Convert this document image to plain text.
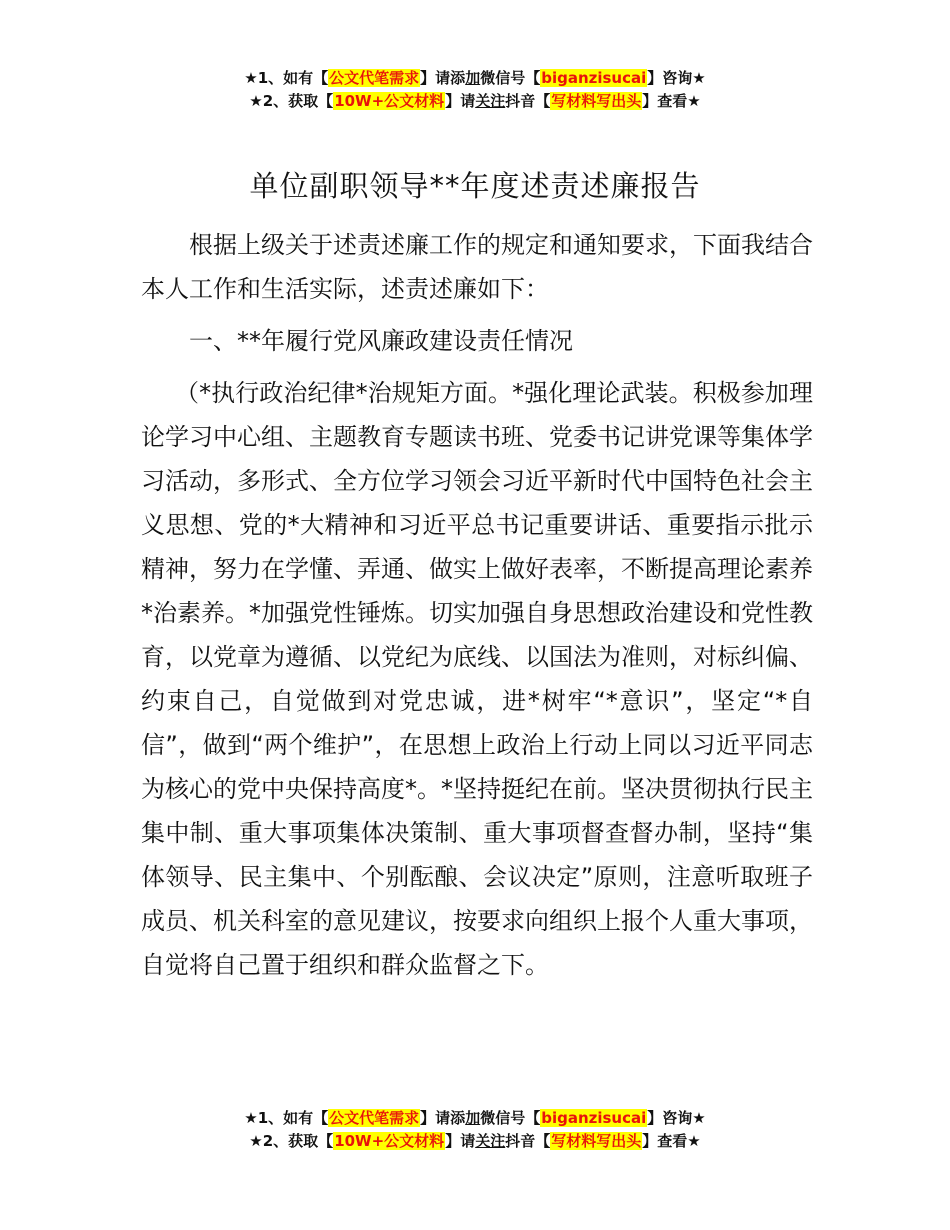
★1、如有【公文代笔需求】请添加微信号【biganzisucai】咨询★
★2、获取【10W+公文材料】请关注抖音【写材料写出头】查看★
单位副职领导**年度述责述廉报告
根据上级关于述责述廉工作的规定和通知要求，下面我结合本人工作和生活实际，述责述廉如下：
一、**年履行党风廉政建设责任情况
（*执行政治纪律*治规矩方面。*强化理论武装。积极参加理论学习中心组、主题教育专题读书班、党委书记讲党课等集体学习活动，多形式、全方位学习领会习近平新时代中国特色社会主义思想、党的*大精神和习近平总书记重要讲话、重要指示批示精神，努力在学懂、弄通、做实上做好表率，不断提高理论素养*治素养。*加强党性锤炼。切实加强自身思想政治建设和党性教育，以党章为遵循、以党纪为底线、以国法为准则，对标纠偏、约束自己，自觉做到对党忠诚，进*树牢“*意识”，坚定“*自信”，做到“两个维护”，在思想上政治上行动上同以习近平同志为核心的党中央保持高度*。*坚持挺纪在前。坚决贯彻执行民主集中制、重大事项集体决策制、重大事项督查督办制，坚持“集体领导、民主集中、个别酝酿、会议决定”原则，注意听取班子成员、机关科室的意见建议，按要求向组织上报个人重大事项，自觉将自己置于组织和群众监督之下。
★1、如有【公文代笔需求】请添加微信号【biganzisucai】咨询★
★2、获取【10W+公文材料】请关注抖音【写材料写出头】查看★
